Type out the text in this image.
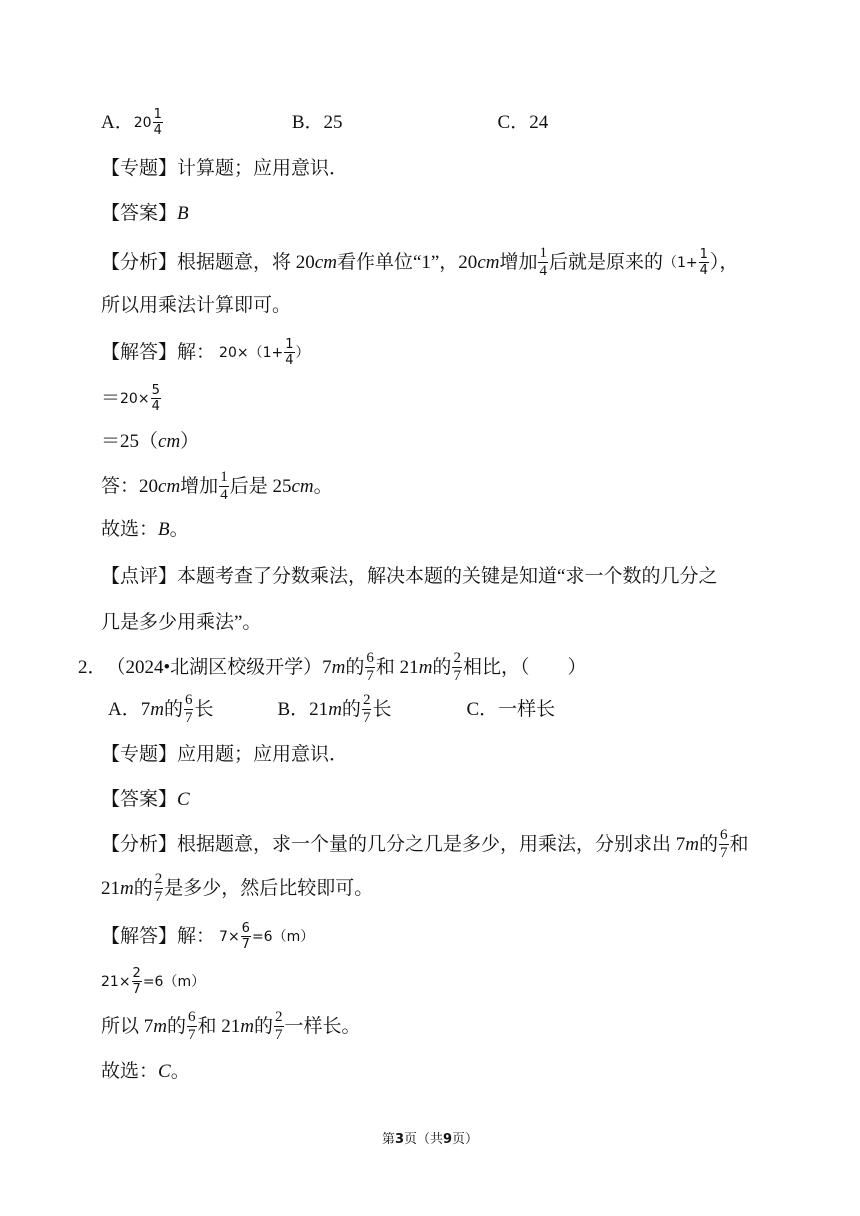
A． $20 \frac{1}{4}$	B．25	C．24
【专题】 计算题；应用意识．
【答案】 B
【分析】 根据题意，将 20 cm 看作单位“1”，20 cm 增加 $\frac{1}{4}$ 后就是原来的 （$1+ \frac{1}{4}$ ），
所以用乘法计算即可。
【解答】 解： $20\times(1+ \frac{1}{4}$ ）
＝ $20\times \frac{5}{4}$
＝25（ cm ）
答：20 cm 增加 $\frac{1}{4}$ 后是 25 cm 。
故选： B 。
【点评】 本题考查了分数乘法，解决本题的关键是知道“求一个数的几分之
几是多少用乘法”。
2． （2024•北湖区校级开学）7 m 的 $\frac{6}{7}$ 和 21 m 的 $\frac{2}{7}$ 相比，（　　）
A．7 m 的 $\frac{6}{7}$ 长	B．21 m 的 $\frac{2}{7}$ 长	C．一样长
【专题】 应用题；应用意识．
【答案】 C
【分析】 根据题意，求一个量的几分之几是多少，用乘法，分别求出 7 m 的 $\frac{6}{7}$ 和
21 m 的 $\frac{2}{7}$ 是多少，然后比较即可。
【解答】 解： $7\times \frac{6}{7} =6(m)$
$21\times \frac{2}{7} =6(m)$
所以 7 m 的 $\frac{6}{7}$ 和 21 m 的 $\frac{2}{7}$ 一样长。
故选： C 。
第3页（共9页）
